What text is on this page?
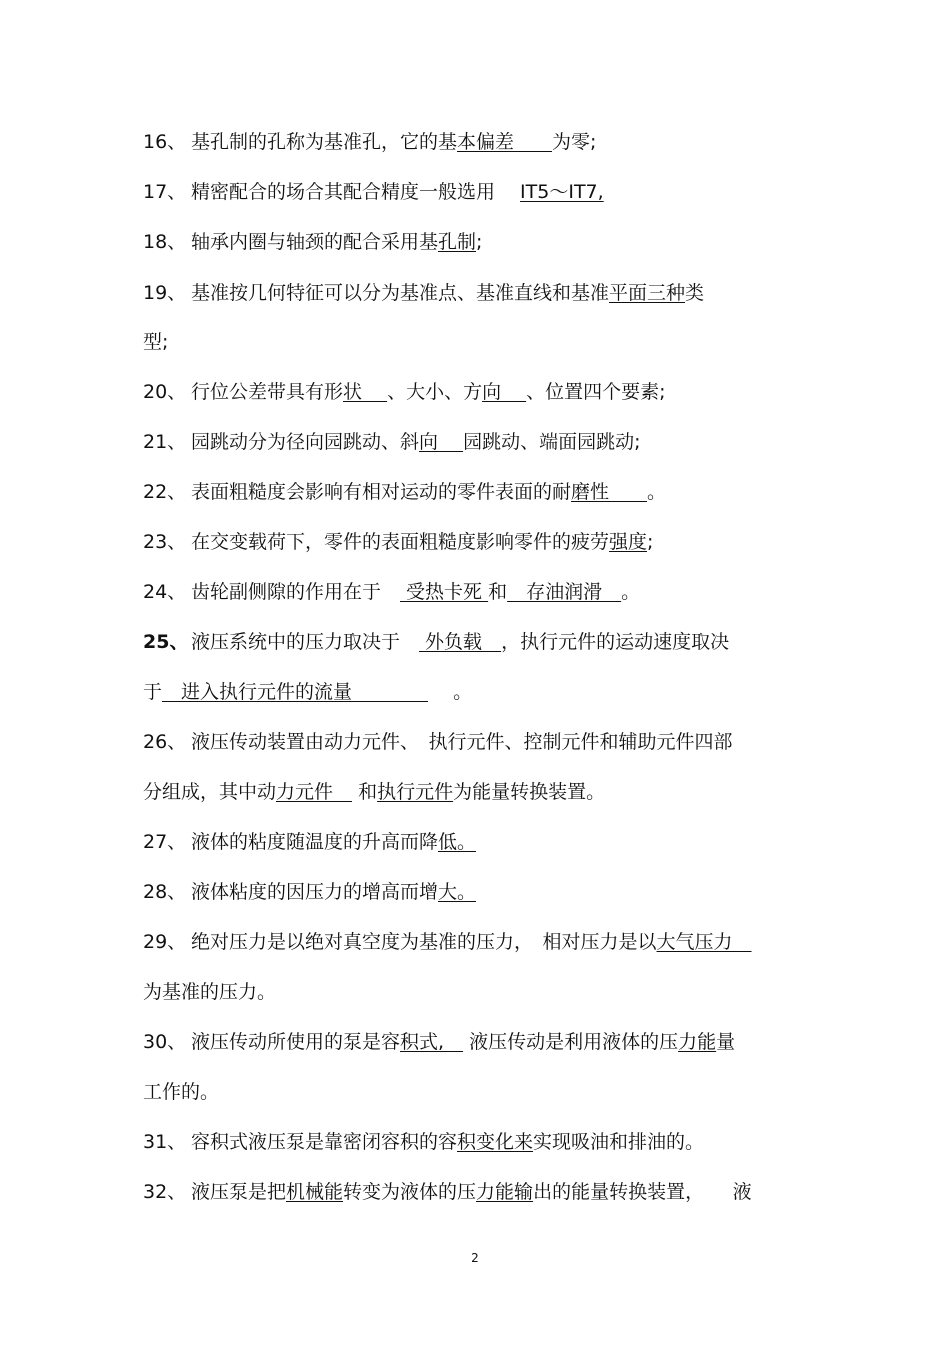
2
16、 基孔制的孔称为基准孔，它的基本偏差　　为零;
17、 精密配合的场合其配合精度一般选用　 IT5～IT7,
18、 轴承内圈与轴颈的配合采用基孔制;
19、 基准按几何特征可以分为基准点、基准直线和基准平面三种类
型;
20、 行位公差带具有形状　 、大小、方向　 、位置四个要素;
21、 园跳动分为径向园跳动、斜向　 园跳动、端面园跳动;
22、 表面粗糙度会影响有相对运动的零件表面的耐磨性　　。
23、 在交变载荷下，零件的表面粗糙度影响零件的疲劳强度;
24、 齿轮副侧隙的作用在于　 受热卡死 和　存油润滑　。
25、 液压系统中的压力取决于　 外负载　，执行元件的运动速度取决
于　进入执行元件的流量　　　　　 。
26、 液压传动装置由动力元件、　执行元件、控制元件和辅助元件四部
分组成，其中动力元件　 和执行元件为能量转换装置。
27、 液体的粘度随温度的升高而降低。
28、 液体粘度的因压力的增高而增大。
29、 绝对压力是以绝对真空度为基准的压力，　相对压力是以大气压力　
为基准的压力。
30、 液压传动所使用的泵是容积式,　 液压传动是利用液体的压力能量
工作的。
31、 容积式液压泵是靠密闭容积的容积变化来实现吸油和排油的。
32、 液压泵是把机械能转变为液体的压力能输出的能量转换装置，　　液
